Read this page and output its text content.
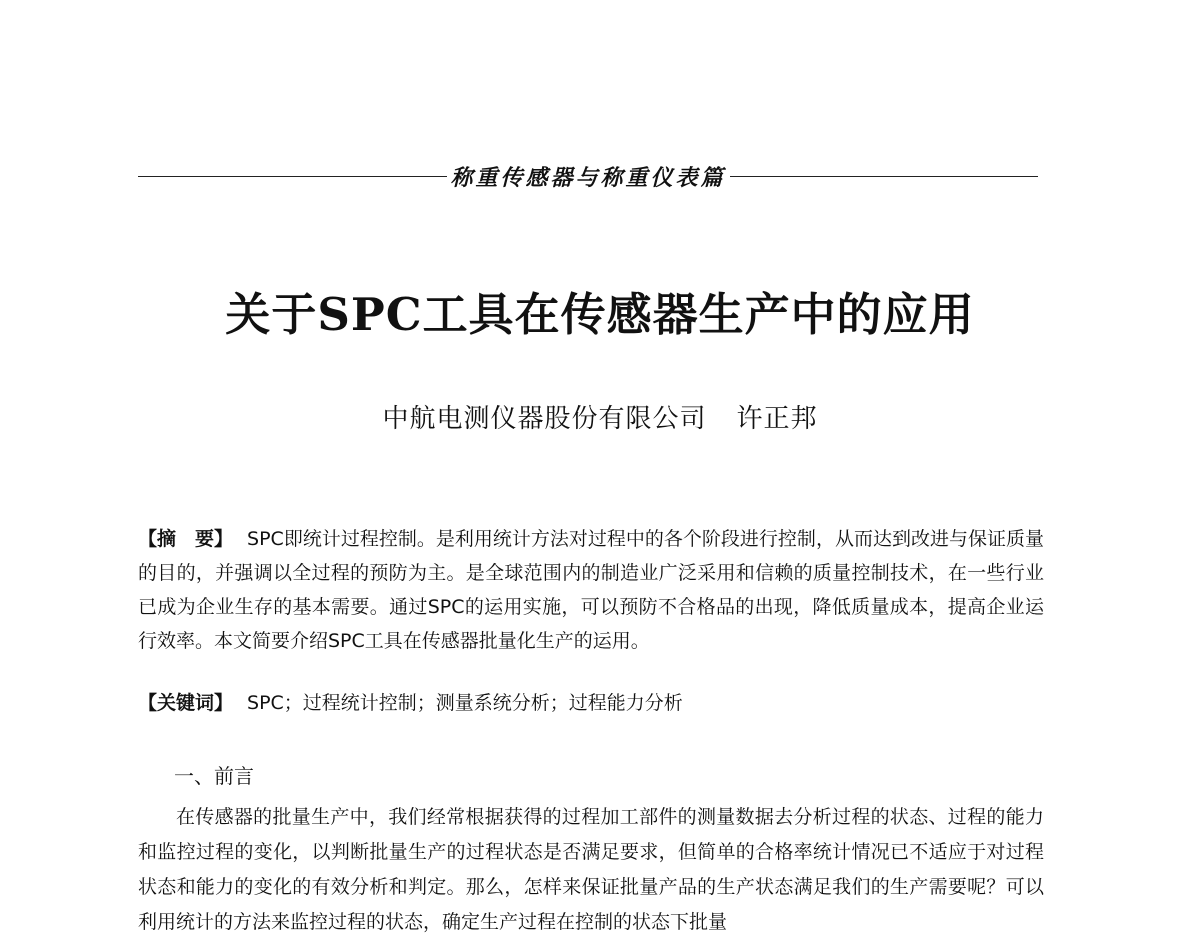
称重传感器与称重仪表篇
关于SPC工具在传感器生产中的应用
中航电测仪器股份有限公司 许正邦
【摘　要】 SPC即统计过程控制。是利用统计方法对过程中的各个阶段进行控制，从而达到改进与保证质量的目的，并强调以全过程的预防为主。是全球范围内的制造业广泛采用和信赖的质量控制技术，在一些行业已成为企业生存的基本需要。通过SPC的运用实施，可以预防不合格品的出现，降低质量成本，提高企业运行效率。本文简要介绍SPC工具在传感器批量化生产的运用。
【关键词】 SPC；过程统计控制；测量系统分析；过程能力分析
一、前言
在传感器的批量生产中，我们经常根据获得的过程加工部件的测量数据去分析过程的状态、过程的能力和监控过程的变化，以判断批量生产的过程状态是否满足要求，但简单的合格率统计情况已不适应于对过程状态和能力的变化的有效分析和判定。那么，怎样来保证批量产品的生产状态满足我们的生产需要呢？可以利用统计的方法来监控过程的状态，确定生产过程在控制的状态下批量
